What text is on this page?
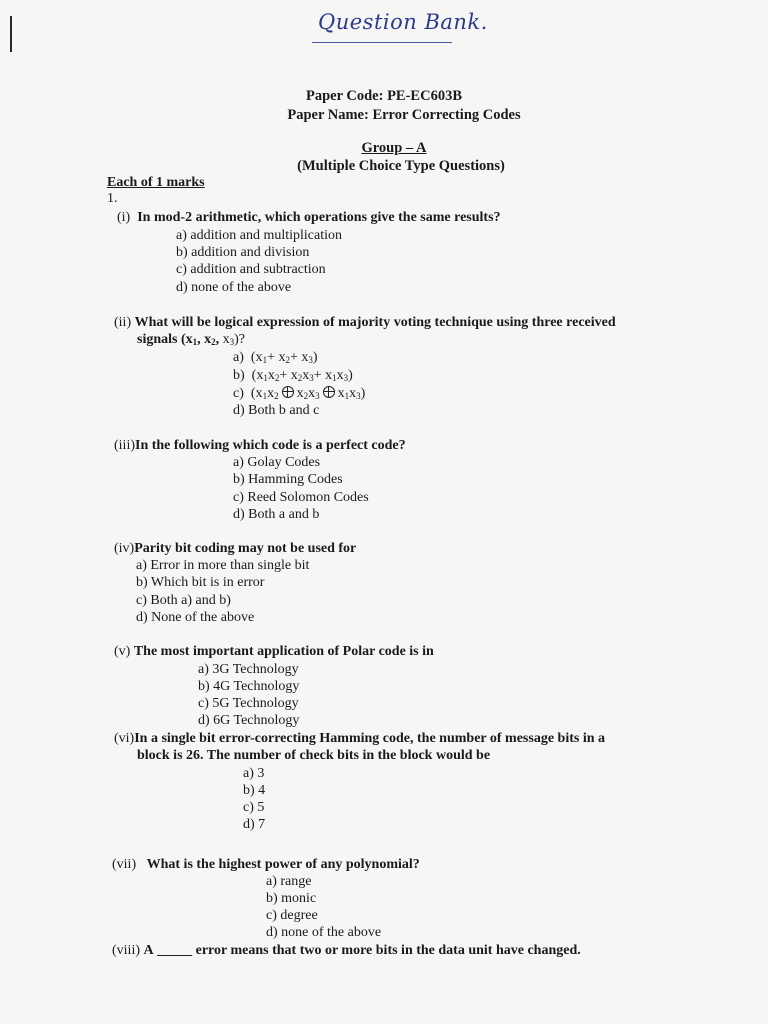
Question Bank.
Paper Code: PE-EC603B
Paper Name: Error Correcting Codes
Group – A
(Multiple Choice Type Questions)
Each of 1 marks
1.
(i) In mod-2 arithmetic, which operations give the same results?
a) addition and multiplication
b) addition and division
c) addition and subtraction
d) none of the above
(ii) What will be logical expression of majority voting technique using three received
signals ($x_1$, $x_2$, $x_3$)?
a)  $(x_1+ x_2+ x_3)$
b)  $(x_1x_2+ x_2x_3+ x_1x_3)$
c)  ($x_1x_2$ $x_2x_3$ $x_1x_3$)
d) Both b and c
(iii)In the following which code is a perfect code?
a) Golay Codes
b) Hamming Codes
c) Reed Solomon Codes
d) Both a and b
(iv)Parity bit coding may not be used for
a) Error in more than single bit
b) Which bit is in error
c) Both a) and b)
d) None of the above
(v) The most important application of Polar code is in
a) 3G Technology
b) 4G Technology
c) 5G Technology
d) 6G Technology
(vi)In a single bit error-correcting Hamming code, the number of message bits in a
block is 26. The number of check bits in the block would be
a) 3
b) 4
c) 5
d) 7
(vii) What is the highest power of any polynomial?
a) range
b) monic
c) degree
d) none of the above
(viii) A _____ error means that two or more bits in the data unit have changed.
